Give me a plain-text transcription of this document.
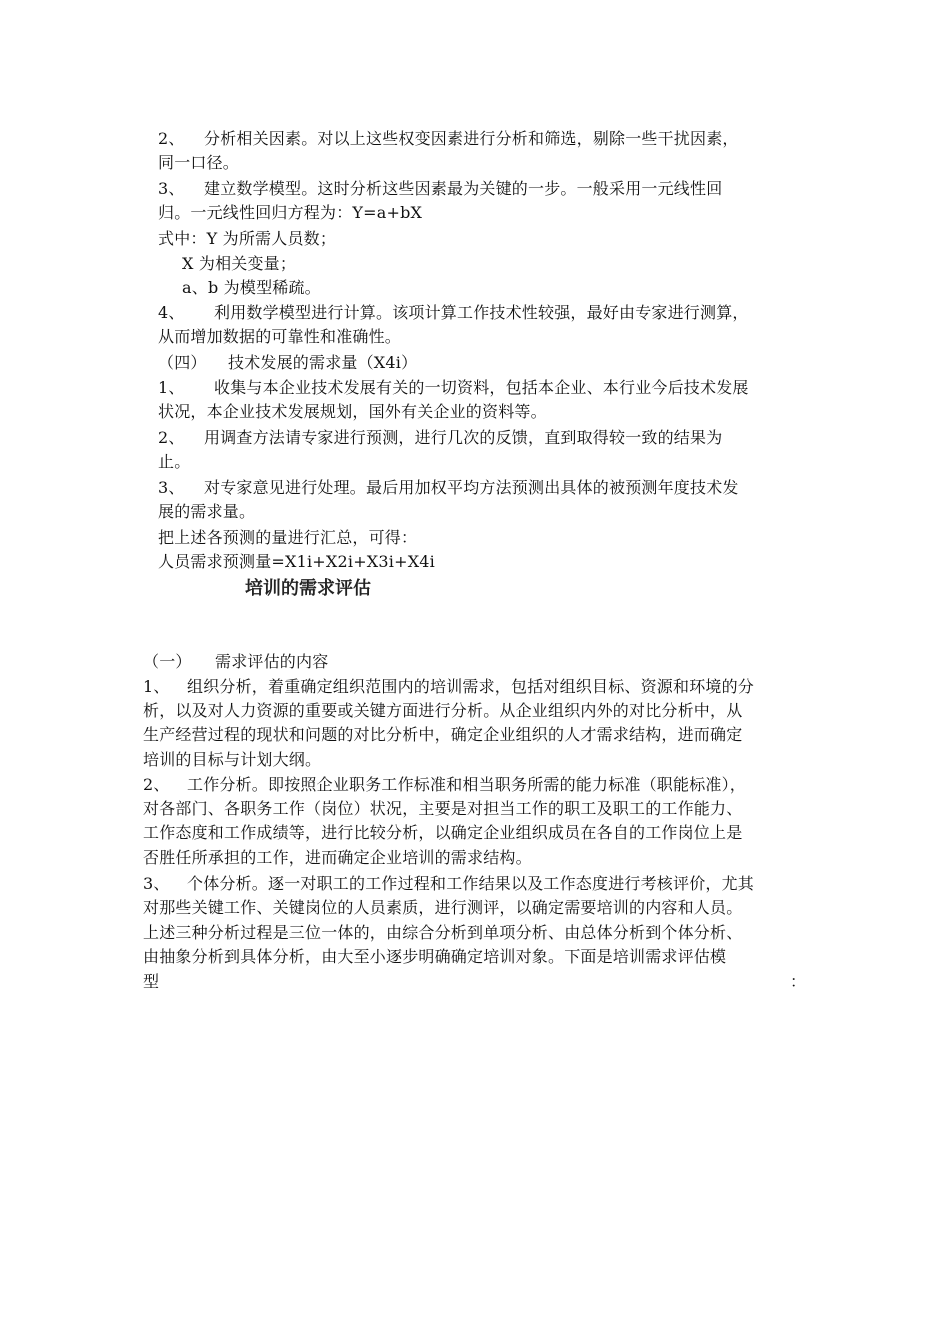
2、 分析相关因素。对以上这些权变因素进行分析和筛选，剔除一些干扰因素，
同一口径。
3、 建立数学模型。这时分析这些因素最为关键的一步。一般采用一元线性回
归。一元线性回归方程为：Y=a+bX
式中：Y 为所需人员数；
X 为相关变量；
a、b 为模型稀疏。
4、 利用数学模型进行计算。该项计算工作技术性较强，最好由专家进行测算，
从而增加数据的可靠性和准确性。
（四） 技术发展的需求量（X4i）
1、 收集与本企业技术发展有关的一切资料，包括本企业、本行业今后技术发展
状况，本企业技术发展规划，国外有关企业的资料等。
2、 用调查方法请专家进行预测，进行几次的反馈，直到取得较一致的结果为
止。
3、 对专家意见进行处理。最后用加权平均方法预测出具体的被预测年度技术发
展的需求量。
把上述各预测的量进行汇总，可得：
人员需求预测量=X1i+X2i+X3i+X4i
培训的需求评估
（一） 需求评估的内容
1、 组织分析，着重确定组织范围内的培训需求，包括对组织目标、资源和环境的分
析，以及对人力资源的重要或关键方面进行分析。从企业组织内外的对比分析中，从
生产经营过程的现状和问题的对比分析中，确定企业组织的人才需求结构，进而确定
培训的目标与计划大纲。
2、 工作分析。即按照企业职务工作标准和相当职务所需的能力标准（职能标准），
对各部门、各职务工作（岗位）状况，主要是对担当工作的职工及职工的工作能力、
工作态度和工作成绩等，进行比较分析，以确定企业组织成员在各自的工作岗位上是
否胜任所承担的工作，进而确定企业培训的需求结构。
3、 个体分析。逐一对职工的工作过程和工作结果以及工作态度进行考核评价，尤其
对那些关键工作、关键岗位的人员素质，进行测评，以确定需要培训的内容和人员。
上述三种分析过程是三位一体的，由综合分析到单项分析、由总体分析到个体分析、
由抽象分析到具体分析，由大至小逐步明确确定培训对象。下面是培训需求评估模
型	：
